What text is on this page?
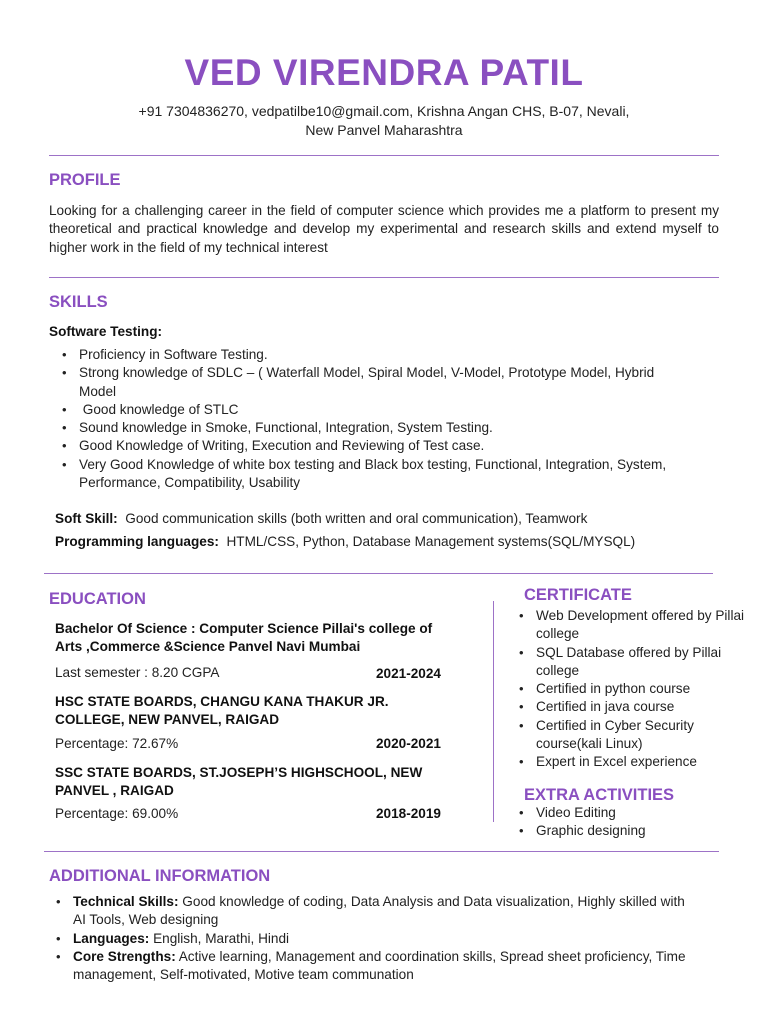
VED VIRENDRA PATIL
+91 7304836270, vedpatilbe10@gmail.com, Krishna Angan CHS, B-07, Nevali,
New Panvel Maharashtra
PROFILE
Looking for a challenging career in the field of computer science which provides me a platform to present my theoretical and practical knowledge and develop my experimental and research skills and extend myself to higher work in the field of my technical interest
SKILLS
Software Testing:
• Proficiency in Software Testing.
• Strong knowledge of SDLC – ( Waterfall Model, Spiral Model, V-Model, Prototype Model, Hybrid Model
•  Good knowledge of STLC
• Sound knowledge in Smoke, Functional, Integration, System Testing.
• Good Knowledge of Writing, Execution and Reviewing of Test case.
• Very Good Knowledge of white box testing and Black box testing, Functional, Integration, System, Performance, Compatibility, Usability
Soft Skill: Good communication skills (both written and oral communication), Teamwork
Programming languages: HTML/CSS, Python, Database Management systems(SQL/MYSQL)
EDUCATION
Bachelor Of Science : Computer Science Pillai's college of Arts ,Commerce &Science Panvel Navi Mumbai
Last semester : 8.20 CGPA	2021-2024
HSC STATE BOARDS, CHANGU KANA THAKUR JR. COLLEGE, NEW PANVEL, RAIGAD
Percentage: 72.67%	2020-2021
SSC STATE BOARDS, ST.JOSEPH’S HIGHSCHOOL, NEW PANVEL , RAIGAD
Percentage: 69.00%	2018-2019
CERTIFICATE
• Web Development offered by Pillai college
• SQL Database offered by Pillai college
• Certified in python course
• Certified in java course
• Certified in Cyber Security course(kali Linux)
• Expert in Excel experience
EXTRA ACTIVITIES
• Video Editing
• Graphic designing
ADDITIONAL INFORMATION
• Technical Skills: Good knowledge of coding, Data Analysis and Data visualization, Highly skilled with AI Tools, Web designing
• Languages: English, Marathi, Hindi
• Core Strengths: Active learning, Management and coordination skills, Spread sheet proficiency, Time management, Self-motivated, Motive team communation
